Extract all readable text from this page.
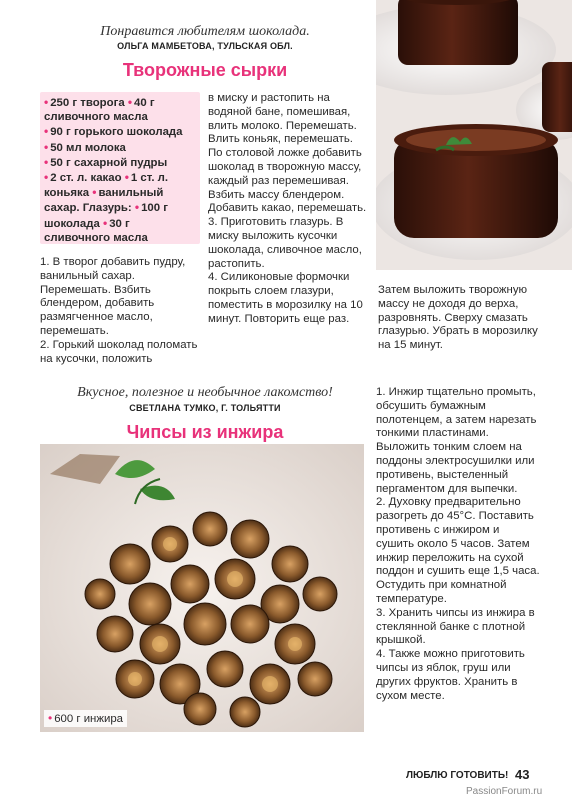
Понравится любителям шоколада.
ОЛЬГА МАМБЕТОВА, ТУЛЬСКАЯ ОБЛ.
Творожные сырки
• 250 г творога • 40 г сливочного масла
• 90 г горького шоколада • 50 мл молока
• 50 г сахарной пудры
• 2 ст. л. какао • 1 ст. л. коньяка • ванильный сахар. Глазурь: • 100 г шоколада • 30 г сливочного масла
1. В творог добавить пудру, ванильный сахар. Перемешать. Взбить блендером, добавить размягченное масло, перемешать.
2. Горький шоколад поломать на кусочки, положить
в миску и растопить на водяной бане, помешивая, влить молоко. Перемешать. Влить коньяк, перемешать. По столовой ложке добавить шоколад в творожную массу, каждый раз перемешивая. Взбить массу блендером. Добавить какао, перемешать.
3. Приготовить глазурь. В миску выложить кусочки шоколада, сливочное масло, растопить.
4. Силиконовые формочки покрыть слоем глазури, поместить в морозилку на 10 минут. Повторить еще раз.
Затем выложить творожную массу не доходя до верха, разровнять. Сверху смазать глазурью. Убрать в морозилку на 15 минут.
Вкусное, полезное и необычное лакомство!
СВЕТЛАНА ТУМКО, Г. ТОЛЬЯТТИ
Чипсы из инжира
• 600 г инжира
1. Инжир тщательно промыть, обсушить бумажным полотенцем, а затем нарезать тонкими пластинами. Выложить тонким слоем на поддоны электросушилки или противень, выстеленный пергаментом для выпечки.
2. Духовку предварительно разогреть до 45°С. Поставить противень с инжиром и сушить около 5 часов. Затем инжир переложить на сухой поддон и сушить еще 1,5 часа. Остудить при комнатной температуре.
3. Хранить чипсы из инжира в стеклянной банке с плотной крышкой.
4. Также можно приготовить чипсы из яблок, груш или других фруктов. Хранить в сухом месте.
ЛЮБЛЮ ГОТОВИТЬ! 43
PassionForum.ru
